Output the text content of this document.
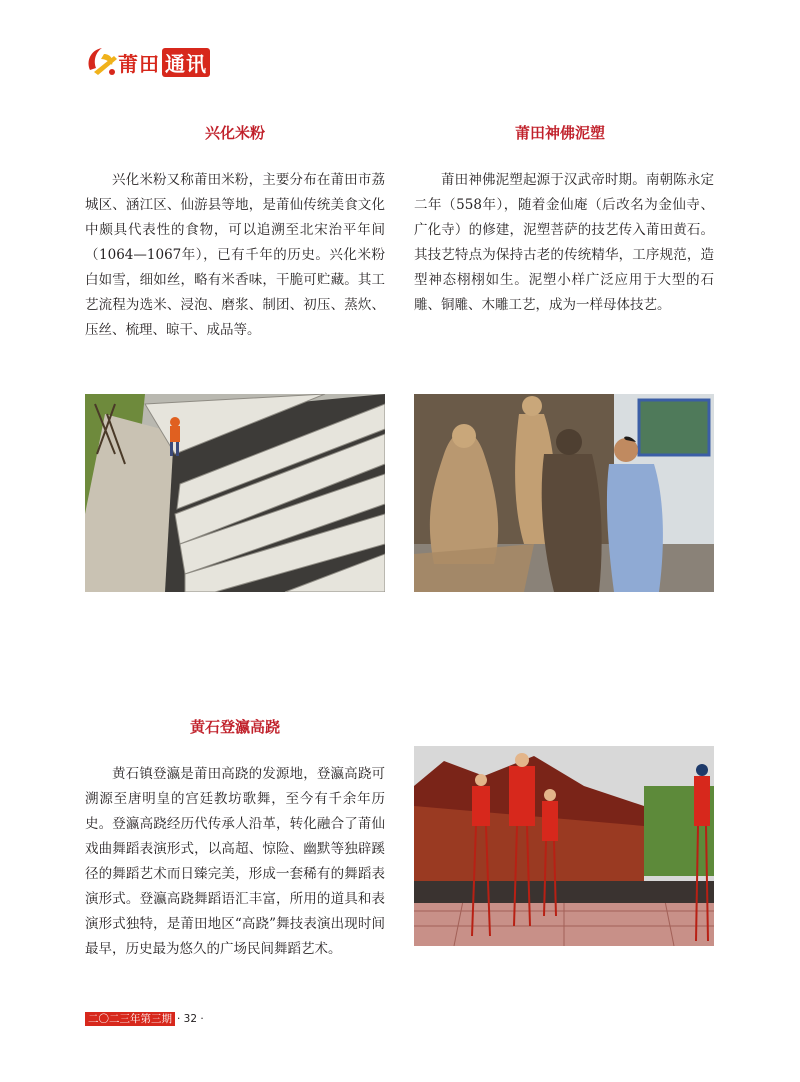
莆田 通讯
兴化米粉

兴化米粉又称莆田米粉，主要分布在莆田市荔城区、涵江区、仙游县等地，是莆仙传统美食文化中颇具代表性的食物，可以追溯至北宋治平年间（1064—1067年），已有千年的历史。兴化米粉白如雪，细如丝，略有米香味，干脆可贮藏。其工艺流程为选米、浸泡、磨浆、制团、初压、蒸炊、压丝、梳理、晾干、成品等。

莆田神佛泥塑

莆田神佛泥塑起源于汉武帝时期。南朝陈永定二年（558年），随着金仙庵（后改名为金仙寺、广化寺）的修建，泥塑菩萨的技艺传入莆田黄石。其技艺特点为保持古老的传统精华，工序规范，造型神态栩栩如生。泥塑小样广泛应用于大型的石雕、铜雕、木雕工艺，成为一样母体技艺。

黄石登瀛高跷

黄石镇登瀛是莆田高跷的发源地，登瀛高跷可溯源至唐明皇的宫廷教坊歌舞，至今有千余年历史。登瀛高跷经历代传承人沿革，转化融合了莆仙戏曲舞蹈表演形式，以高超、惊险、幽默等独辟蹊径的舞蹈艺术而日臻完美，形成一套稀有的舞蹈表演形式。登瀛高跷舞蹈语汇丰富，所用的道具和表演形式独特，是莆田地区“高跷”舞技表演出现时间最早，历史最为悠久的广场民间舞蹈艺术。

二〇二三年第三期 · 32 ·
